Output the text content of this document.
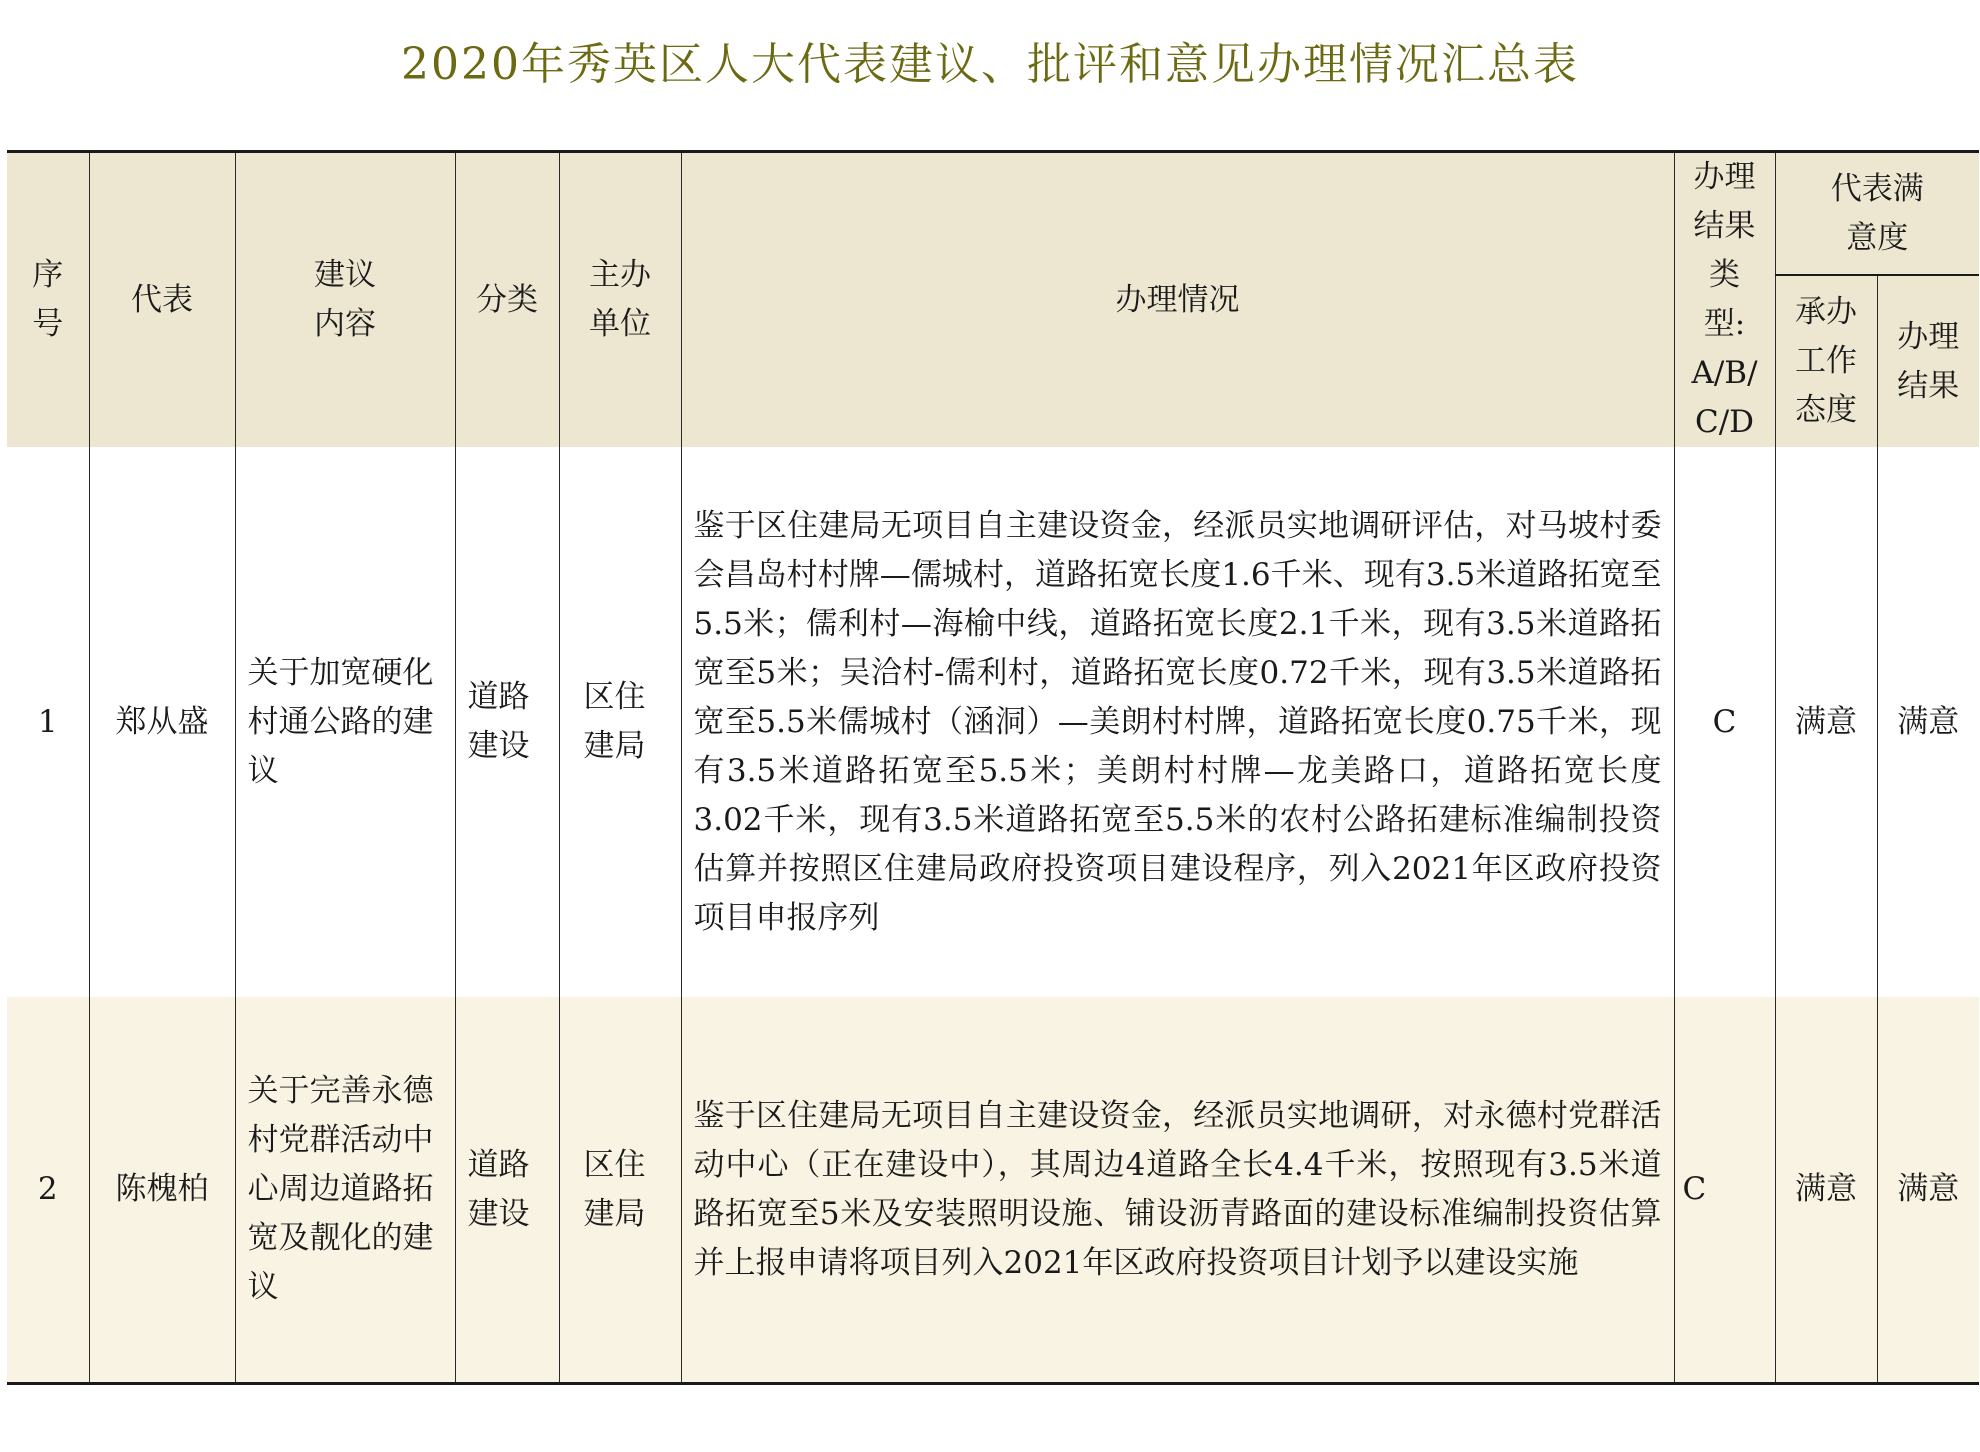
2020年秀英区人大代表建议、批评和意见办理情况汇总表
序号	代表	建议内容	分类	主办单位	办理情况	办理结果类型:A/B/C/D	代表满意度	
							承办工作态度	办理结果
1	郑从盛	关于加宽硬化村通公路的建议	道路建设	区住建局	鉴于区住建局无项目自主建设资金，经派员实地调研评估，对马坡村委会昌岛村村牌—儒城村，道路拓宽长度1.6千米、现有3.5米道路拓宽至5.5米；儒利村—海榆中线，道路拓宽长度2.1千米，现有3.5米道路拓宽至5米；吴洽村-儒利村，道路拓宽长度0.72千米，现有3.5米道路拓宽至5.5米儒城村（涵洞）—美朗村村牌，道路拓宽长度0.75千米，现有3.5米道路拓宽至5.5米；美朗村村牌—龙美路口，道路拓宽长度3.02千米，现有3.5米道路拓宽至5.5米的农村公路拓建标准编制投资估算并按照区住建局政府投资项目建设程序，列入2021年区政府投资项目申报序列	C	满意	满意
2	陈槐柏	关于完善永德村党群活动中心周边道路拓宽及靓化的建议	道路建设	区住建局	鉴于区住建局无项目自主建设资金，经派员实地调研，对永德村党群活动中心（正在建设中），其周边4道路全长4.4千米，按照现有3.5米道路拓宽至5米及安装照明设施、铺设沥青路面的建设标准编制投资估算并上报申请将项目列入2021年区政府投资项目计划予以建设实施	C	满意	满意
